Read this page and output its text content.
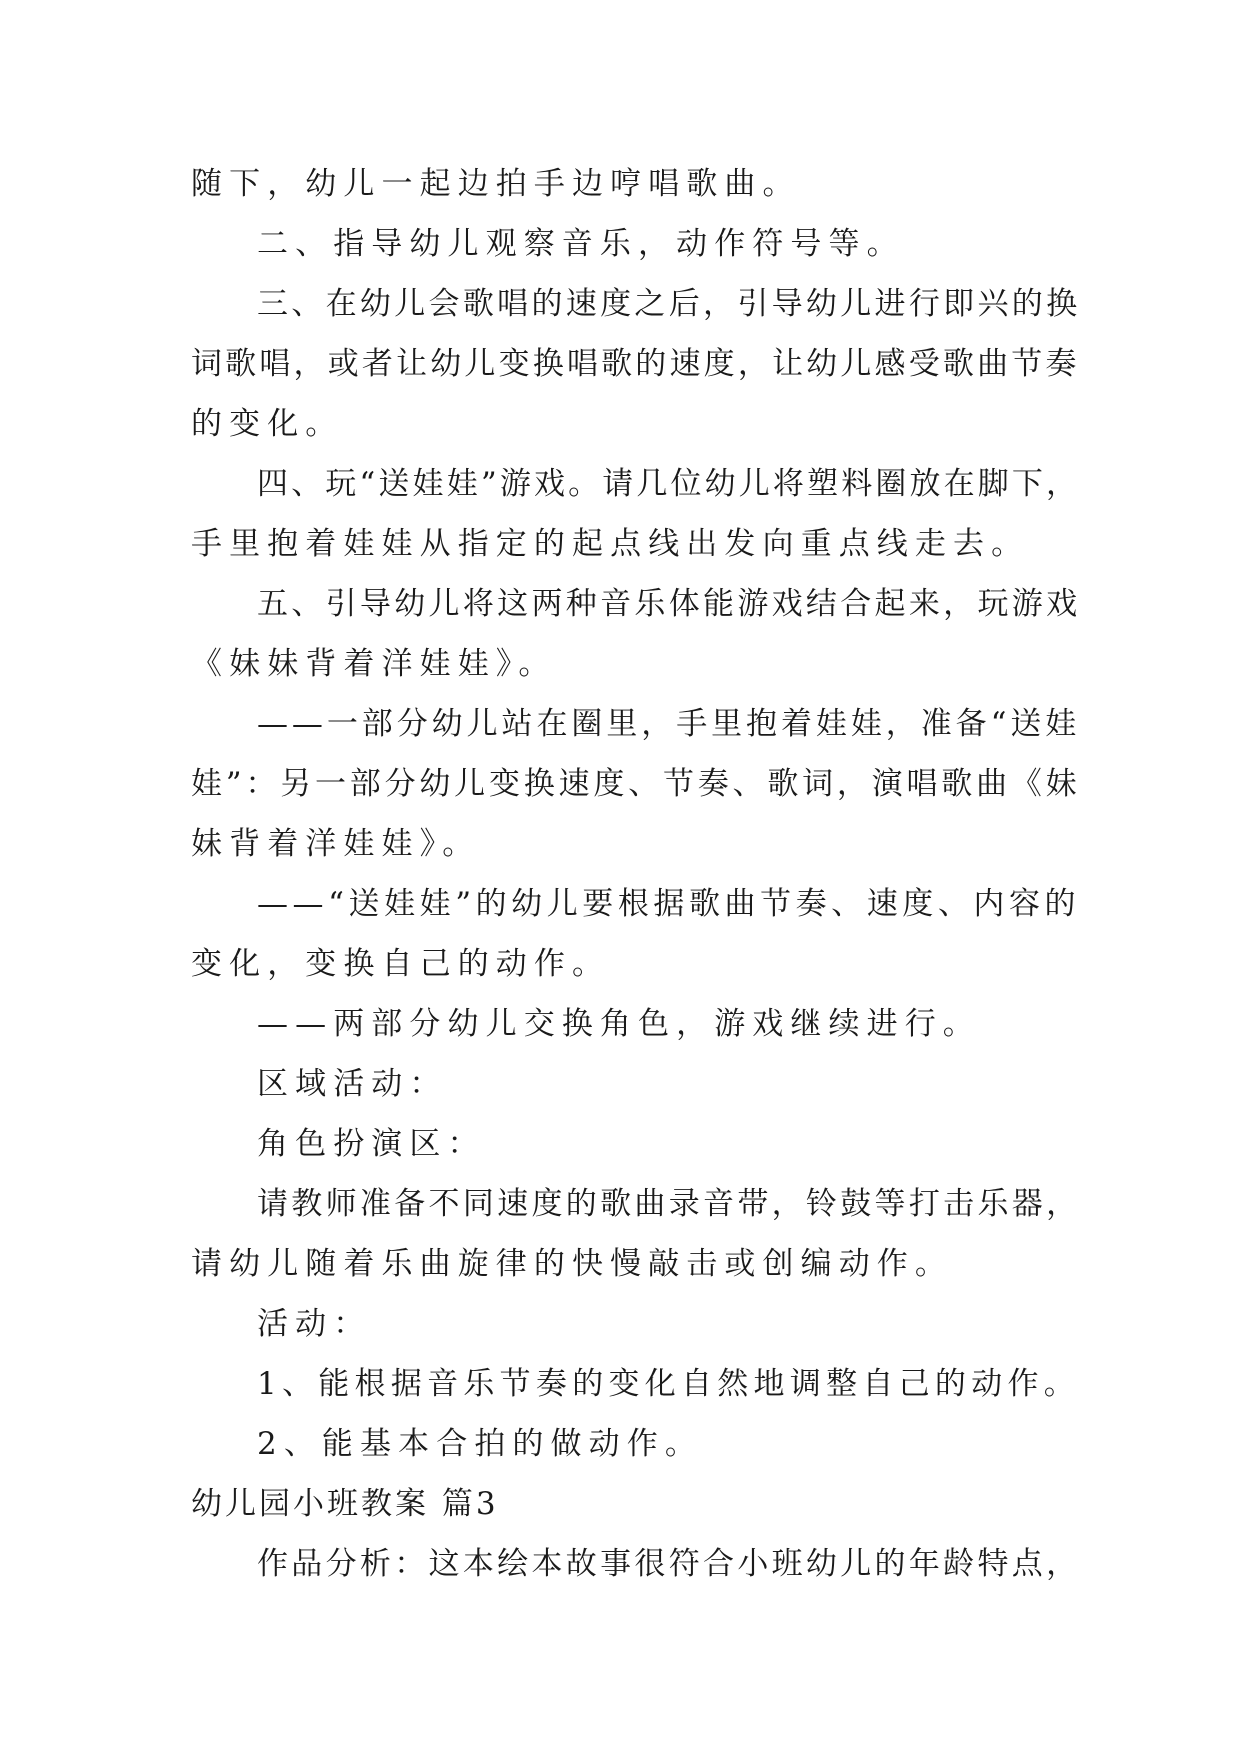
随下，幼儿一起边拍手边哼唱歌曲。
二、指导幼儿观察音乐，动作符号等。
三、在幼儿会歌唱的速度之后，引导幼儿进行即兴的换
词歌唱，或者让幼儿变换唱歌的速度，让幼儿感受歌曲节奏
的变化。
四、玩“送娃娃”游戏。请几位幼儿将塑料圈放在脚下，
手里抱着娃娃从指定的起点线出发向重点线走去。
五、引导幼儿将这两种音乐体能游戏结合起来，玩游戏
《妹妹背着洋娃娃》。
——一部分幼儿站在圈里，手里抱着娃娃，准备“送娃
娃”：另一部分幼儿变换速度、节奏、歌词，演唱歌曲《妹
妹背着洋娃娃》。
——“送娃娃”的幼儿要根据歌曲节奏、速度、内容的
变化，变换自己的动作。
——两部分幼儿交换角色，游戏继续进行。
区域活动：
角色扮演区：
请教师准备不同速度的歌曲录音带，铃鼓等打击乐器，
请幼儿随着乐曲旋律的快慢敲击或创编动作。
活动：
1、能根据音乐节奏的变化自然地调整自己的动作。
2、能基本合拍的做动作。
幼儿园小班教案 篇3
作品分析：这本绘本故事很符合小班幼儿的年龄特点，
